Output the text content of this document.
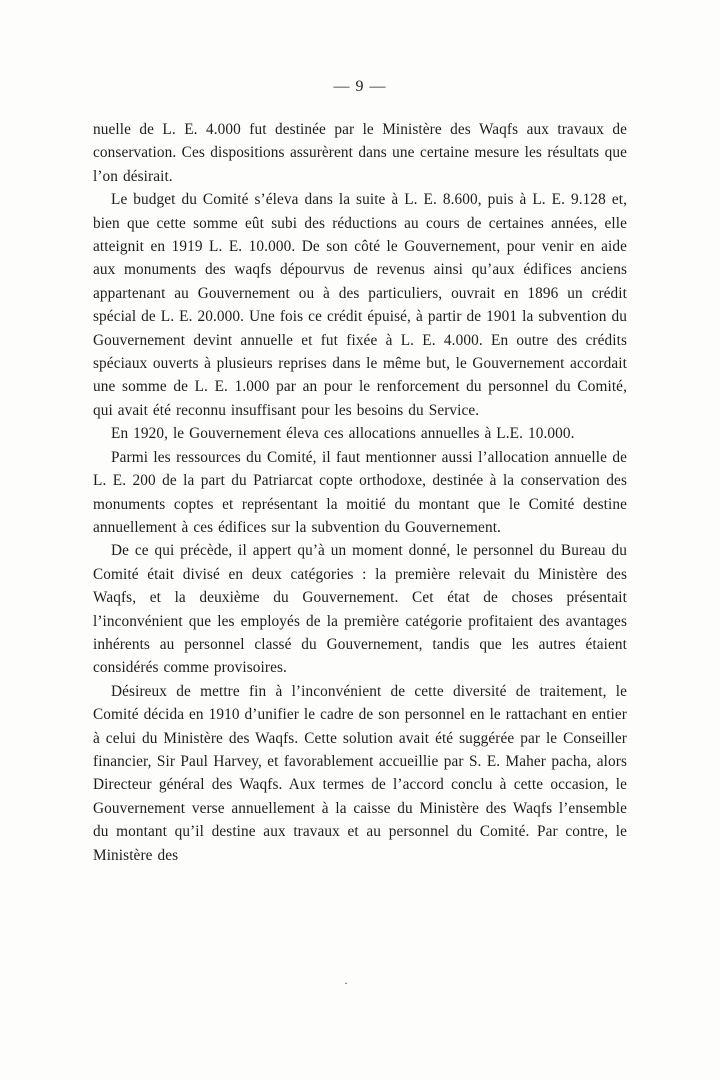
— 9 —

nuelle de L. E. 4.000 fut destinée par le Ministère des Waqfs aux travaux de conservation. Ces dispositions assurèrent dans une certaine mesure les résultats que l’on désirait.

Le budget du Comité s’éleva dans la suite à L. E. 8.600, puis à L. E. 9.128 et, bien que cette somme eût subi des réductions au cours de certaines années, elle atteignit en 1919 L. E. 10.000. De son côté le Gouvernement, pour venir en aide aux monuments des waqfs dépourvus de revenus ainsi qu’aux édifices anciens appartenant au Gouvernement ou à des particuliers, ouvrait en 1896 un crédit spécial de L. E. 20.000. Une fois ce crédit épuisé, à partir de 1901 la subvention du Gouvernement devint annuelle et fut fixée à L. E. 4.000. En outre des crédits spéciaux ouverts à plusieurs reprises dans le même but, le Gouvernement accordait une somme de L. E. 1.000 par an pour le renforcement du personnel du Comité, qui avait été reconnu insuffisant pour les besoins du Service.

En 1920, le Gouvernement éleva ces allocations annuelles à L.E. 10.000.

Parmi les ressources du Comité, il faut mentionner aussi l’allocation annuelle de L. E. 200 de la part du Patriarcat copte orthodoxe, destinée à la conservation des monuments coptes et représentant la moitié du montant que le Comité destine annuellement à ces édifices sur la subvention du Gouvernement.

De ce qui précède, il appert qu’à un moment donné, le personnel du Bureau du Comité était divisé en deux catégories : la première relevait du Ministère des Waqfs, et la deuxième du Gouvernement. Cet état de choses présentait l’inconvénient que les employés de la première catégorie profitaient des avantages inhérents au personnel classé du Gouvernement, tandis que les autres étaient considérés comme provisoires.

Désireux de mettre fin à l’inconvénient de cette diversité de traitement, le Comité décida en 1910 d’unifier le cadre de son personnel en le rattachant en entier à celui du Ministère des Waqfs. Cette solution avait été suggérée par le Conseiller financier, Sir Paul Harvey, et favorablement accueillie par S. E. Maher pacha, alors Directeur général des Waqfs. Aux termes de l’accord conclu à cette occasion, le Gouvernement verse annuellement à la caisse du Ministère des Waqfs l’ensemble du montant qu’il destine aux travaux et au personnel du Comité. Par contre, le Ministère des

·
